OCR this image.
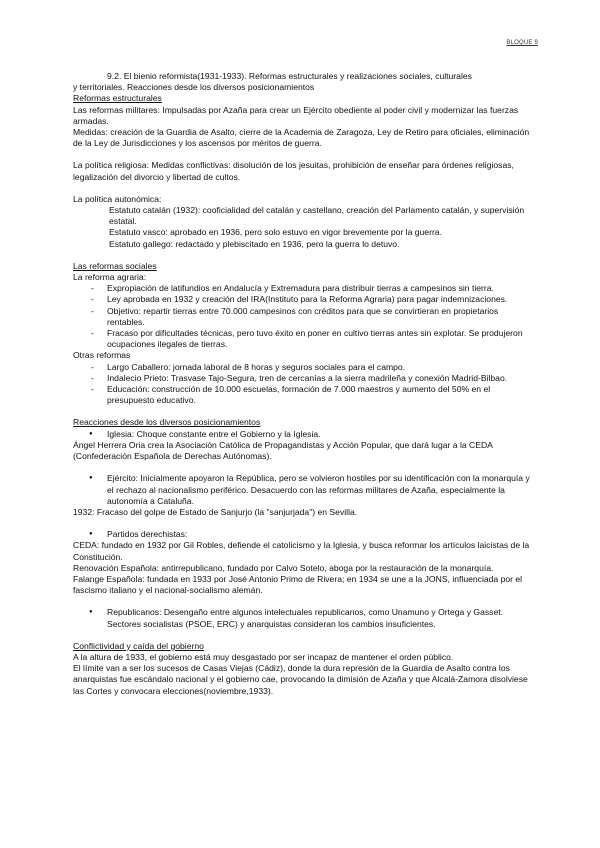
BLOQUE 9

9.2. El bienio reformista(1931-1933). Reformas estructurales y realizaciones sociales, culturales

y territoriales. Reacciones desde los diversos posicionamientos

Reformas estructurales

Las reformas militares: Impulsadas por Azaña para crear un Ejército obediente al poder civil y modernizar las fuerzas armadas.

Medidas: creación de la Guardia de Asalto, cierre de la Academia de Zaragoza, Ley de Retiro para oficiales, eliminación de la Ley de Jurisdicciones y los ascensos por méritos de guerra.

La política religiosa: Medidas conflictivas: disolución de los jesuitas, prohibición de enseñar para órdenes religiosas, legalización del divorcio y libertad de cultos.

La política autonómica:

Estatuto catalán (1932): cooficialidad del catalán y castellano, creación del Parlamento catalán, y supervisión estatal.

Estatuto vasco: aprobado en 1936, pero solo estuvo en vigor brevemente por la guerra.

Estatuto gallego: redactado y plebiscitado en 1936, pero la guerra lo detuvo.

Las reformas sociales

La reforma agraria:

- Expropiación de latifundios en Andalucía y Extremadura para distribuir tierras a campesinos sin tierra.
- Ley aprobada en 1932 y creación del IRA(Instituto para la Reforma Agraria) para pagar indemnizaciones.
- Objetivo: repartir tierras entre 70.000 campesinos con créditos para que se convirtieran en propietarios rentables.
- Fracaso por dificultades técnicas, pero tuvo éxito en poner en cultivo tierras antes sin explotar. Se produjeron ocupaciones ilegales de tierras.

Otras reformas

- Largo Caballero: jornada laboral de 8 horas y seguros sociales para el campo.
- Indalecio Prieto: Trasvase Tajo-Segura, tren de cercanías a la sierra madrileña y conexión Madrid-Bilbao.
- Educación: construcción de 10.000 escuelas, formación de 7.000 maestros y aumento del 50% en el presupuesto educativo.

Reacciones desde los diversos posicionamientos

● Iglesia: Choque constante entre el Gobierno y la Iglesia.

Ángel Herrera Oria crea la Asociación Católica de Propagandistas y Acción Popular, que dará lugar a la CEDA (Confederación Española de Derechas Autónomas).

● Ejército: Inicialmente apoyaron la República, pero se volvieron hostiles por su identificación con la monarquía y el rechazo al nacionalismo periférico. Desacuerdo con las reformas militares de Azaña, especialmente la autonomía a Cataluña.

1932: Fracaso del golpe de Estado de Sanjurjo (la "sanjurjada") en Sevilla.

● Partidos derechistas:

CEDA: fundado en 1932 por Gil Robles, defiende el catolicismo y la Iglesia, y busca reformar los artículos laicistas de la Constitución.

Renovación Española: antirrepublicano, fundado por Calvo Sotelo, aboga por la restauración de la monarquía.

Falange Española: fundada en 1933 por José Antonio Primo de Rivera; en 1934 se une a la JONS, influenciada por el fascismo italiano y el nacional-socialismo alemán.

● Republicanos: Desengaño entre algunos intelectuales republicanos, como Unamuno y Ortega y Gasset. Sectores socialistas (PSOE, ERC) y anarquistas consideran los cambios insuficientes.

Conflictividad y caída del gobierno

A la altura de 1933, el gobierno está muy desgastado por ser incapaz de mantener el orden público.

El límite van a ser los sucesos de Casas Viejas (Cádiz), donde la dura represión de la Guardia de Asalto contra los anarquistas fue escándalo nacional y el gobierno cae, provocando la dimisión de Azaña y que Alcalá-Zamora disolviese las Cortes y convocara elecciones(noviembre,1933).
